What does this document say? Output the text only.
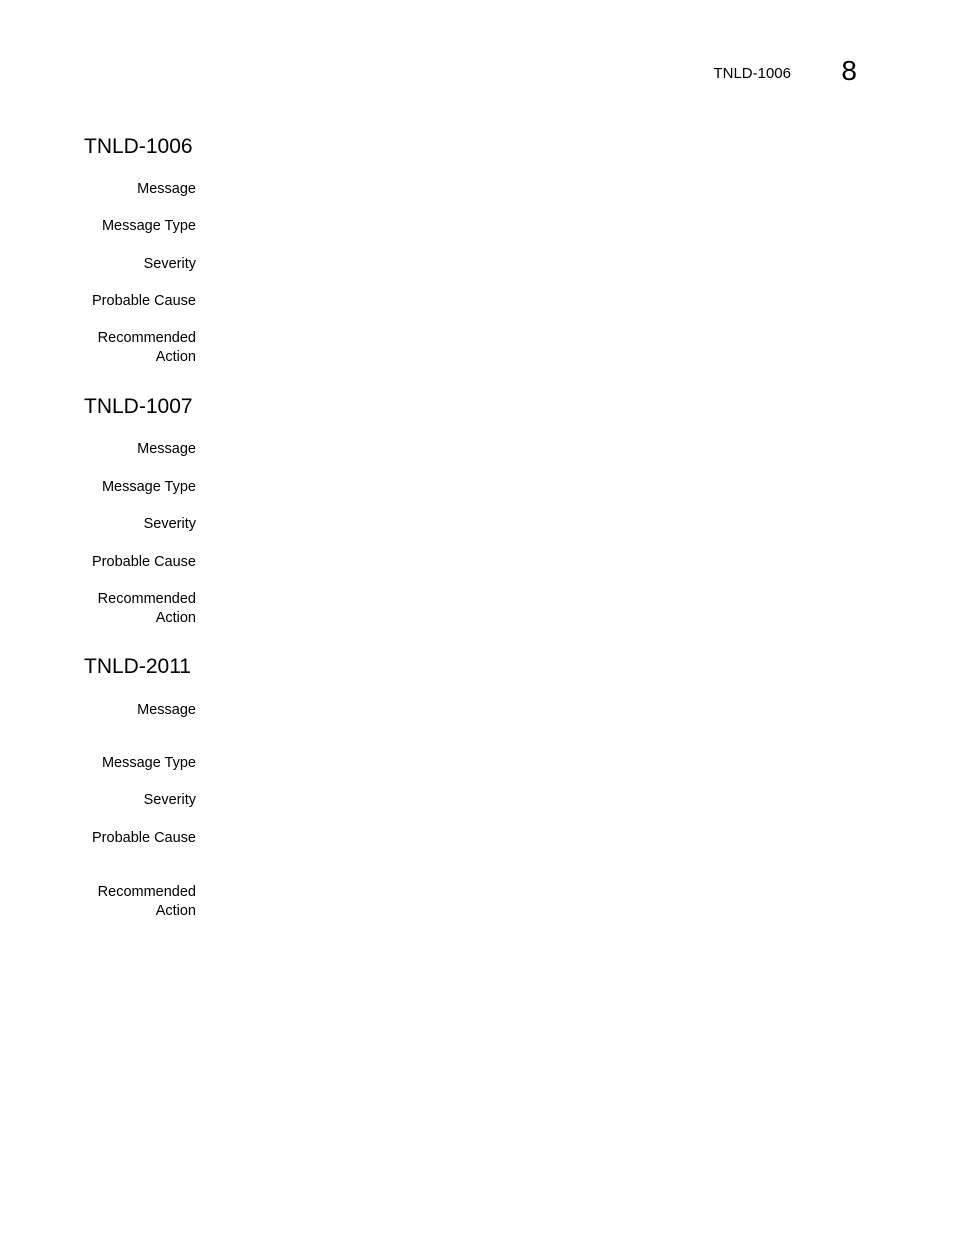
TNLD-1006 8
TNLD-1006
Message
Message Type
Severity
Probable Cause
Recommended
Action
TNLD-1007
Message
Message Type
Severity
Probable Cause
Recommended
Action
TNLD-2011
Message
Message Type
Severity
Probable Cause
Recommended
Action
